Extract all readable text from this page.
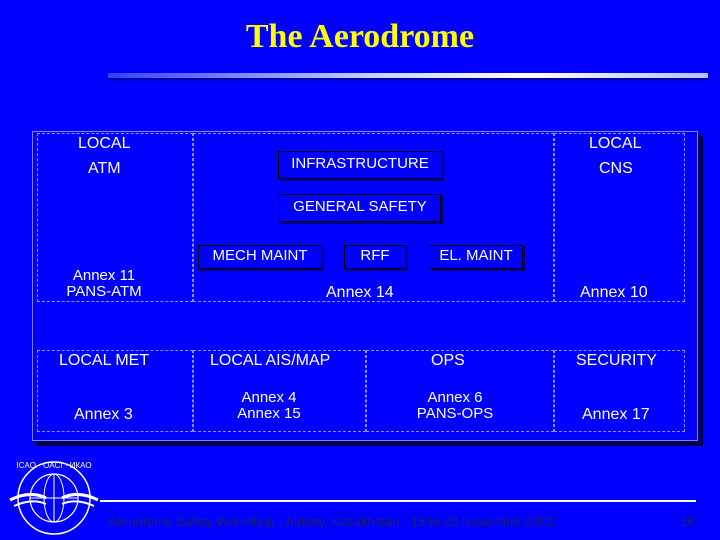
The Aerodrome
LOCAL
ATM
LOCAL
CNS
INFRASTRUCTURE
GENERAL SAFETY
MECH MAINT	RFF	EL. MAINT
Annex 11
PANS-ATM	Annex 14	Annex 10
LOCAL MET	LOCAL AIS/MAP	OPS	SECURITY
Annex 3
Annex 4
Annex 15
Annex 6
PANS-OPS	Annex 17
ICAO · OACI · ИКАО
Aerodrome Safety Workshop - Almaty, Kazakhstan - 18 to 22 November 2002	16
